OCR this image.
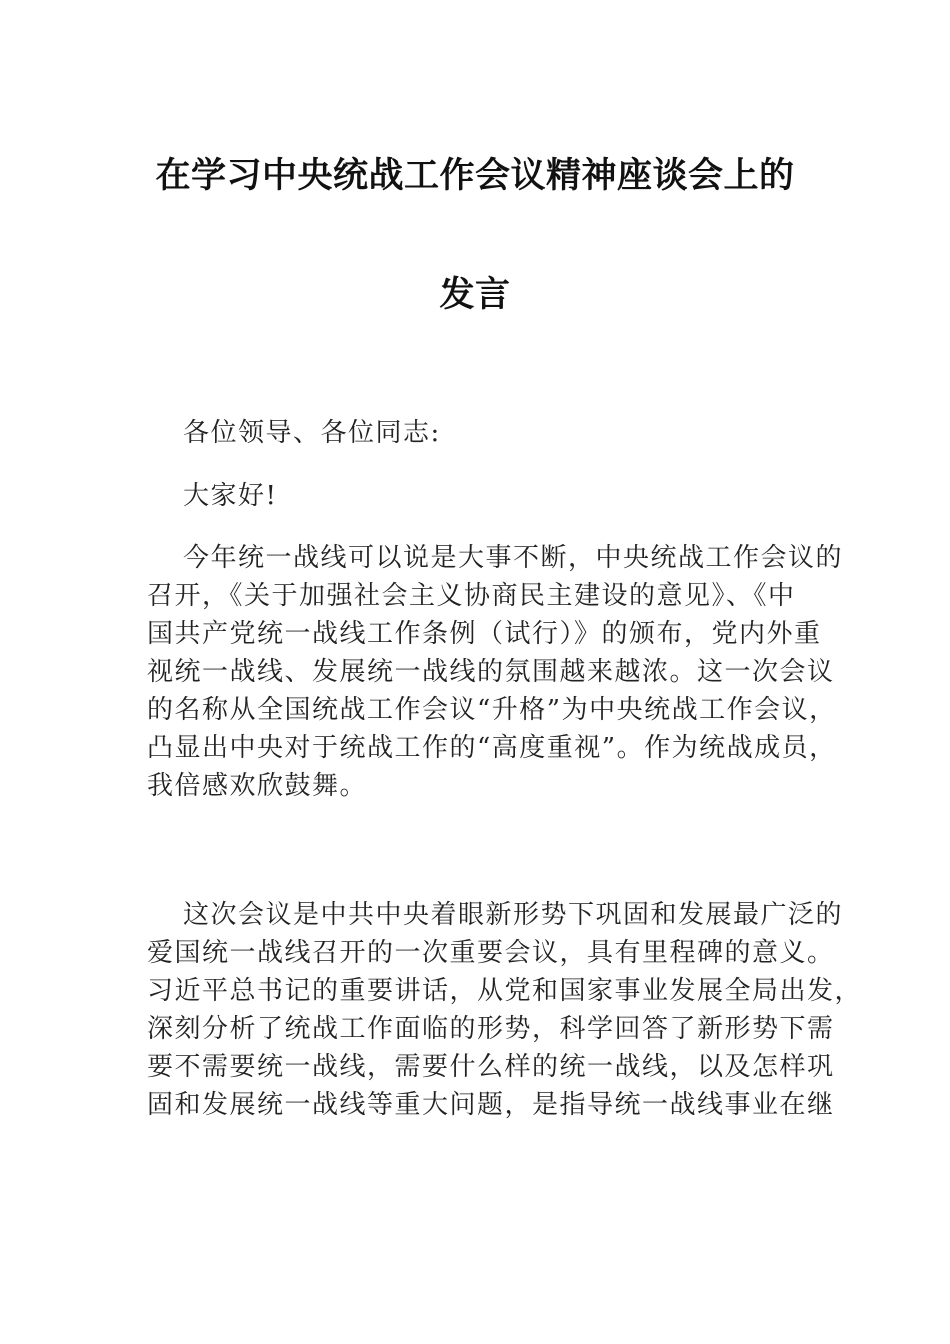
在学习中央统战工作会议精神座谈会上的
发言
各位领导、各位同志:
大家好!
今年统一战线可以说是大事不断，中央统战工作会议的
召开，《关于加强社会主义协商民主建设的意见》、《中
国共产党统一战线工作条例（试行）》的颁布，党内外重
视统一战线、发展统一战线的氛围越来越浓。这一次会议
的名称从全国统战工作会议“升格”为中央统战工作会议，
凸显出中央对于统战工作的“高度重视”。作为统战成员，
我倍感欢欣鼓舞。
这次会议是中共中央着眼新形势下巩固和发展最广泛的
爱国统一战线召开的一次重要会议，具有里程碑的意义。
习近平总书记的重要讲话，从党和国家事业发展全局出发，
深刻分析了统战工作面临的形势，科学回答了新形势下需
要不需要统一战线，需要什么样的统一战线，以及怎样巩
固和发展统一战线等重大问题，是指导统一战线事业在继
